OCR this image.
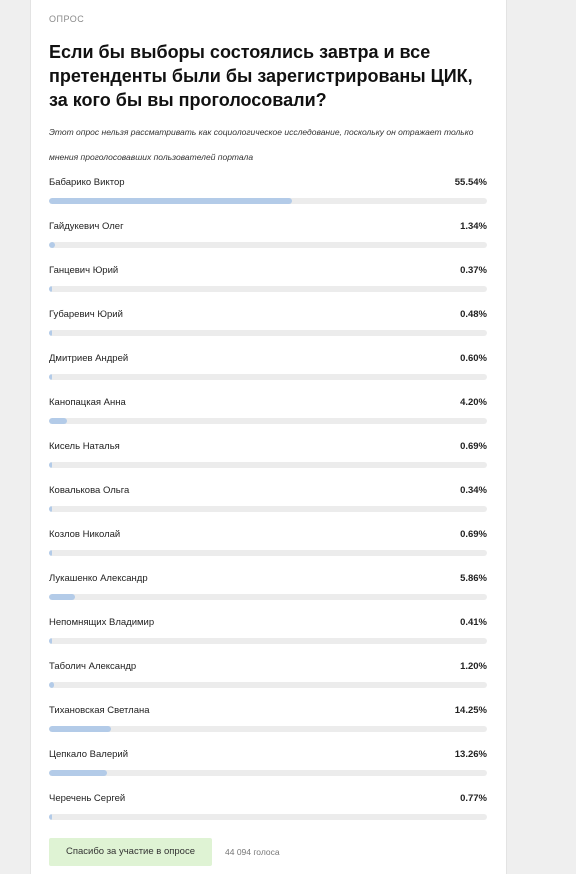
ОПРОС
Если бы выборы состоялись завтра и все претенденты были бы зарегистрированы ЦИК, за кого бы вы проголосовали?
Этот опрос нельзя рассматривать как социологическое исследование, поскольку он отражает только мнения проголосовавших пользователей портала
Бабарико Виктор	55.54%
Гайдукевич Олег	1.34%
Ганцевич Юрий	0.37%
Губаревич Юрий	0.48%
Дмитриев Андрей	0.60%
Канопацкая Анна	4.20%
Кисель Наталья	0.69%
Ковалькова Ольга	0.34%
Козлов Николай	0.69%
Лукашенко Александр	5.86%
Непомнящих Владимир	0.41%
Таболич Александр	1.20%
Тихановская Светлана	14.25%
Цепкало Валерий	13.26%
Черечень Сергей	0.77%
Спасибо за участие в опросе	44 094 голоса
